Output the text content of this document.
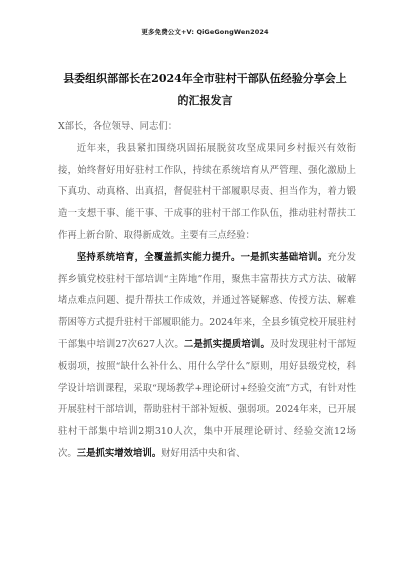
更多免费公文+V: QiGeGongWen2024
县委组织部部长在2024年全市驻村干部队伍经验分享会上的汇报发言

X部长，各位领导、同志们：

近年来，我县紧扣围绕巩固拓展脱贫攻坚成果同乡村振兴有效衔接，始终督好用好驻村工作队，持续在系统培育从严管理、强化激励上下真功、动真格、出真招，督促驻村干部履职尽责、担当作为，着力锻造一支想干事、能干事、干成事的驻村干部工作队伍，推动驻村帮扶工作再上新台阶、取得新成效。主要有三点经验：

坚持系统培育，全覆盖抓实能力提升。一是抓实基础培训。充分发挥乡镇党校驻村干部培训“主阵地”作用，聚焦丰富帮扶方式方法、破解堵点难点问题、提升帮扶工作成效，并通过答疑解惑、传授方法、解难帮困等方式提升驻村干部履职能力。2024年来，全县乡镇党校开展驻村干部集中培训27次627人次。二是抓实提质培训。及时发现驻村干部短板弱项，按照“缺什么补什么、用什么学什么”原则，用好县级党校，科学设计培训课程，采取“现场教学+理论研讨+经验交流”方式，有针对性开展驻村干部培训，帮助驻村干部补短板、强弱项。2024年来，已开展驻村干部集中培训2期310人次，集中开展理论研讨、经验交流12场次。三是抓实增效培训。财好用活中央和省、
